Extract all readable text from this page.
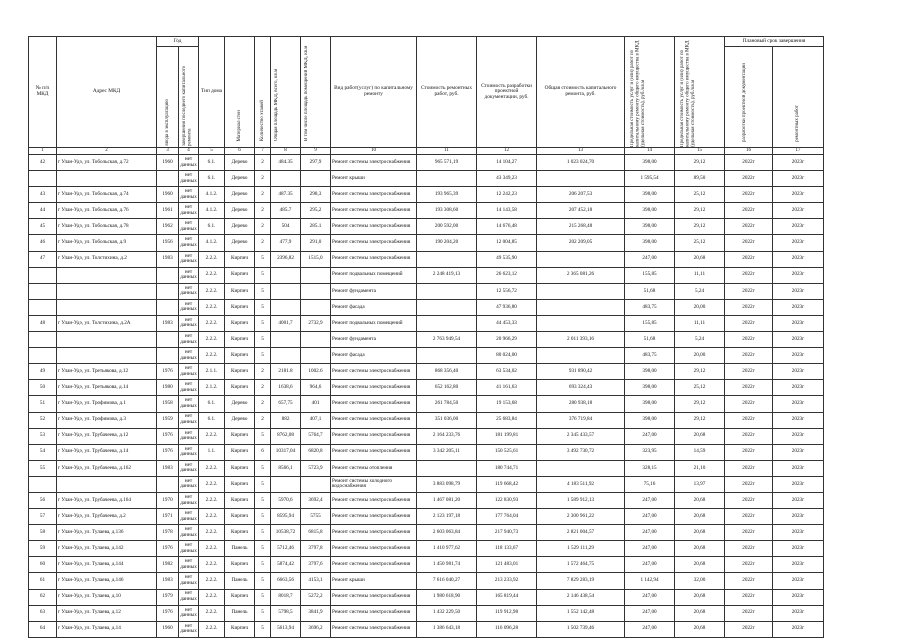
№ п/п МКД	Адрес МКД	Год		Тип дома	Материал стен	Количество этажей	Общая площадь МКД, всего, кв.м	В том числе площадь помещений МКД, кв.м	Вид работ(услуг) по капитальному ремонту	Стоимость ремонтных работ, руб.	Стоимость разработки проектной документации, руб.	Общая стоимость капитального ремонта, руб.	Предельная стоимость услуг и (или) работ по капитальному ремонту общего имущества в МКД (удельная стоимость), руб./кв.м	Предельная стоимость услуг и (или) работ по капитальному ремонту общего имущества в МКД (удельная стоимость), руб./кв.м	Плановый срок завершения	

		ввода в эксплуатацию	завершения последнего капитального ремонта												разработки проектной документации	ремонтных работ

1	2	3	4	5	6	7	8	9	10	11	12	13	14	15	16	17
42	г Улан-Удэ, ул. Тобольская, д.72	1960	нет данных	6.1.	Дерево	2	484.35	297,9	Ремонт системы электроснабжения	965 571,19	14 104,27	1 023 024,70	398,00	29,12	2022г	2023г
			нет данных	6.1.	Дерево	2			Ремонт крыши		43 349,23		1 595,54	89,50	2022г	2023г
43	г Улан-Удэ, ул. Тобольская, д.74	1960	нет данных	4.1.2.	Дерево	2	487.35	298,3	Ремонт системы электроснабжения	193 965,39	12 242,23	206 207,53	398,00	25,12	2022г	2023г
44	г Улан-Удэ, ул. Тобольская, д.76	1961	нет данных	4.1.2.	Дерево	2	485.7	295,2	Ремонт системы электроснабжения	193 308,60	14 143,58	207 452,18	398,00	29,12	2022г	2023г
45	г Улан-Удэ, ул. Тобольская, д.78	1962	нет данных	6.1.	Дерево	2	504	285.1	Ремонт системы электроснабжения	200 592,00	14 676,48	215 268,48	398,00	29,12	2022г	2023г
46	г Улан-Удэ, ул. Тобольская, д.9	1956	нет данных	4.1.2.	Дерево	2	477,9	291,0	Ремонт системы электроснабжения	190 204,20	12 004,85	202 209,05	398,00	25,12	2022г	2023г
47	г Улан-Удэ, ул. Толстихина, д.2	1983	нет данных	2.2.2.	Кирпич	5	2396,82	1515,0	Ремонт системы электроснабжения		49 535,90		247,00	20,68	2022г	2023г
			нет данных	2.2.2.	Кирпич	5			Ремонт подвальных помещений	2 248 419,13	26 623,12	2 365 081,26	155,85	11,11	2022г	2023г
			нет данных	2.2.2.	Кирпич	5			Ремонт фундамента		12 556,72		51,68	5,24	2022г	2023г
			нет данных	2.2.2.	Кирпич	5			Ремонт фасада		47 936,80		483,75	20,00	2022г	2023г
48	г Улан-Удэ, ул. Толстихина, д.2А	1983	нет данных	2.2.2.	Кирпич	5	4001,7	2732,9	Ремонт подвальных помещений		44 453,33		155,85	11,11	2022г	2023г
			нет данных	2.2.2.	Кирпич	5			Ремонт фундамента	2 763 949,54	20 966,29	2 011 393,16	51,68	5,24	2022г	2023г
			нет данных	2.2.2.	Кирпич	5			Ремонт фасада		80 024,00		483,75	20,00	2022г	2023г
49	г Улан-Удэ, ул. Третьякова, д.12	1976	нет данных	2.1.1.	Кирпич	2	2181.8	1002.6	Ремонт системы электроснабжения	868 356,40	63 534,02	931 890,42	398,00	29,12	2022г	2023г
50	г Улан-Удэ, ул. Третьякова, д.14	1980	нет данных	2.1.2.	Кирпич	2	1638,6	964,6	Ремонт системы электроснабжения	652 162,80	41 161,63	693 324,43	398,00	25,12	2022г	2023г
51	г Улан-Удэ, ул. Трофимова, д.1	1958	нет данных	6.1.	Дерево	2	657,75	401	Ремонт системы электроснабжения	261 784,50	19 153,68	280 938,18	398,00	29,12	2022г	2023г
52	г Улан-Удэ, ул. Трофимова, д.3	1959	нет данных	6.1.	Дерево	2	882	407,1	Ремонт системы электроснабжения	351 036,00	25 683,84	376 719,84	398,00	29,12	2022г	2023г
53	г Улан-Удэ, ул. Трубачеева, д.12	1976	нет данных	2.2.2.	Кирпич	5	8762,08	5764,7	Ремонт системы электроснабжения	2 164 233,76	181 199,81	2 345 433,57	247,00	20,68	2022г	2023г
54	г Улан-Удэ, ул. Трубачеева, д.14	1976	нет данных	1.1.	Кирпич	6	10317,04	6820,8	Ремонт системы электроснабжения	3 342 205,11	150 525,61	3 492 730,72	323,95	14,59	2022г	2023г
55	г Улан-Удэ, ул. Трубачеева, д.162	1983	нет данных	2.2.2.	Кирпич	5	8566,1	5723,9	Ремонт системы отопления		180 744,71		328,15	21,10	2022г	2023г
			нет данных	2.2.2.	Кирпич	5			Ремонт системы холодного водоснабжения	3 883 098,79	119 668,42	4 183 511,92	75,16	13,97	2022г	2023г
56	г Улан-Удэ, ул. Трубачеева, д.164	1970	нет данных	2.2.2.	Кирпич	5	5970,6	3692,4	Ремонт системы электроснабжения	1 467 081,20	122 830,93	1 589 912,13	247,00	20,68	2022г	2023г
57	г Улан-Удэ, ул. Трубачеева, д.2	1971	нет данных	2.2.2.	Кирпич	5	8595,94	5755	Ремонт системы электроснабжения	2 123 197,18	177 764,04	2 300 961,22	247,00	20,68	2022г	2023г
58	г Улан-Удэ, ул. Тулаева, д.136	1978	нет данных	2.2.2.	Кирпич	5	10538,72	6815,8	Ремонт системы электроснабжения	2 603 063,84	217 940,73	2 821 004,57	247,00	20,68	2022г	2023г
59	г Улан-Удэ, ул. Тулаева, д.142	1976	нет данных	2.2.2.	Панель	5	5712,46	3797,8	Ремонт системы электроснабжения	1 410 977,62	118 133,67	1 529 111,29	247,00	20,68	2022г	2023г
60	г Улан-Удэ, ул. Тулаева, д.144	1982	нет данных	2.2.2.	Кирпич	5	5874,42	3797,6	Ремонт системы электроснабжения	1 450 981,74	121 483,01	1 572 464,75	247,00	20,68	2022г	2023г
61	г Улан-Удэ, ул. Тулаева, д.146	1983	нет данных	2.2.2.	Панель	5	6663,56	4153,1	Ремонт крыши	7 616 040,27	213 233,92	7 829 283,19	1 142,94	32,00	2022г	2023г
62	г Улан-Удэ, ул. Тулаева, д.10	1979	нет данных	2.2.2.	Кирпич	5	8018,7	5272,2	Ремонт системы электроснабжения	1 980 618,90	165 819,44	2 146 438,54	247,00	20,68	2022г	2023г
63	г Улан-Удэ, ул. Тулаева, д.12	1976	нет данных	2.2.2.	Панель	5	5798,5	3841,9	Ремонт системы электроснабжения	1 432 229,50	119 912,98	1 552 142,48	247,00	20,68	2022г	2023г
64	г Улан-Удэ, ул. Тулаева, д.14	1960	нет данных	2.2.2.	Кирпич	5	5613,94	3696,2	Ремонт системы электроснабжения	1 386 643,18	116 096,28	1 502 739,46	247,00	20,68	2022г	2023г
